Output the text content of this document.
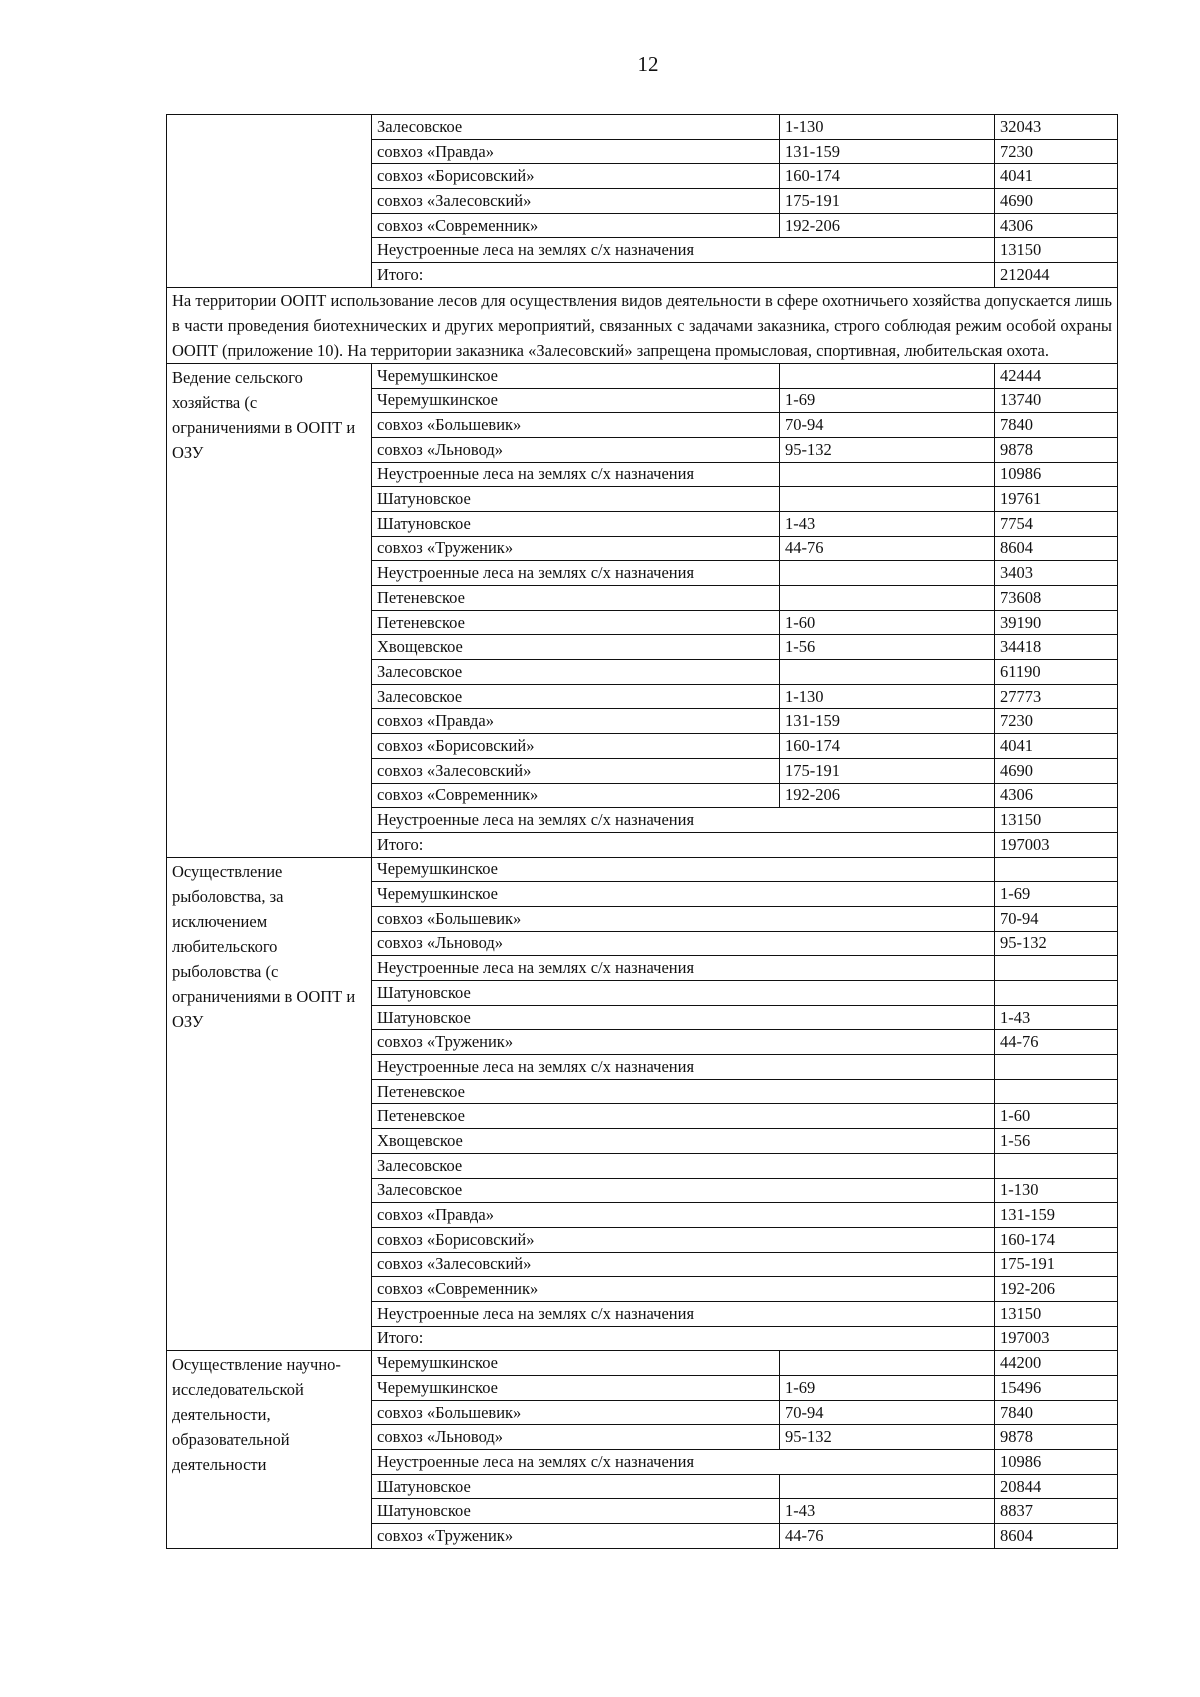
12
	Залесовское	1-130	32043
	совхоз «Правда»	131-159	7230
	совхоз «Борисовский»	160-174	4041
	совхоз «Залесовский»	175-191	4690
	совхоз «Современник»	192-206	4306
	Неустроенные леса на землях с/х назначения		13150
	Итого:		212044
На территории ООПТ использование лесов для осуществления видов деятельности в сфере охотничьего хозяйства допускается лишь в части проведения биотехнических и других мероприятий, связанных с задачами заказника, строго соблюдая режим особой охраны ООПТ (приложение 10). На территории заказника «Залесовский» запрещена промысловая, спортивная, любительская охота.			
Ведение сельского хозяйства (с ограничениями в ООПТ и ОЗУ	Черемушкинское		42444
	Черемушкинское	1-69	13740
	совхоз «Большевик»	70-94	7840
	совхоз «Льновод»	95-132	9878
	Неустроенные леса на землях с/х назначения		10986
	Шатуновское		19761
	Шатуновское	1-43	7754
	совхоз «Труженик»	44-76	8604
	Неустроенные леса на землях с/х назначения		3403
	Петеневское		73608
	Петеневское	1-60	39190
	Хвощевское	1-56	34418
	Залесовское		61190
	Залесовское	1-130	27773
	совхоз «Правда»	131-159	7230
	совхоз «Борисовский»	160-174	4041
	совхоз «Залесовский»	175-191	4690
	совхоз «Современник»	192-206	4306
	Неустроенные леса на землях с/х назначения		13150
	Итого:		197003
Осуществление рыболовства, за исключением любительского рыболовства (с ограничениями в ООПТ и ОЗУ	Черемушкинское		
	Черемушкинское		1-69
	совхоз «Большевик»		70-94
	совхоз «Льновод»		95-132
	Неустроенные леса на землях с/х назначения		
	Шатуновское		
	Шатуновское		1-43
	совхоз «Труженик»		44-76
	Неустроенные леса на землях с/х назначения		
	Петеневское		
	Петеневское		1-60
	Хвощевское		1-56
	Залесовское		
	Залесовское		1-130
	совхоз «Правда»		131-159
	совхоз «Борисовский»		160-174
	совхоз «Залесовский»		175-191
	совхоз «Современник»		192-206
	Неустроенные леса на землях с/х назначения		13150
	Итого:		197003
Осуществление научно-исследовательской деятельности, образовательной деятельности	Черемушкинское		44200
	Черемушкинское	1-69	15496
	совхоз «Большевик»	70-94	7840
	совхоз «Льновод»	95-132	9878
	Неустроенные леса на землях с/х назначения		10986
	Шатуновское		20844
	Шатуновское	1-43	8837
	совхоз «Труженик»	44-76	8604
